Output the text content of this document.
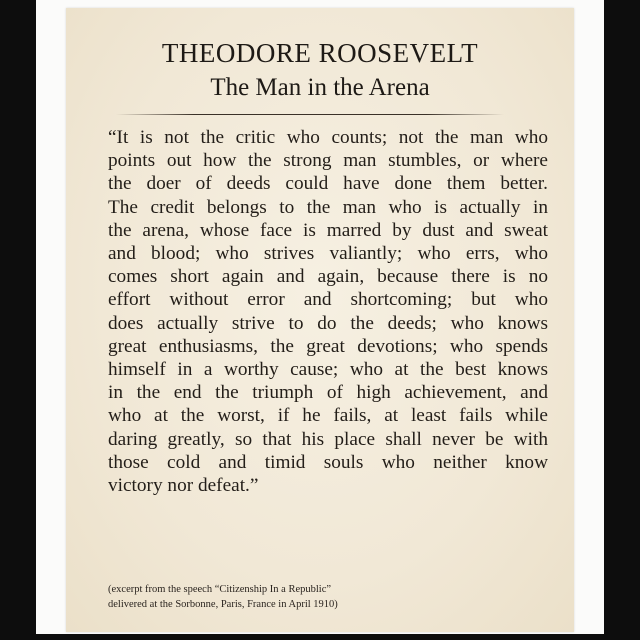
THEODORE ROOSEVELT
The Man in the Arena
“It is not the critic who counts; not the man who
points out how the strong man stumbles, or where
the doer of deeds could have done them better.
The credit belongs to the man who is actually in
the arena, whose face is marred by dust and sweat
and blood; who strives valiantly; who errs, who
comes short again and again, because there is no
effort without error and shortcoming; but who
does actually strive to do the deeds; who knows
great enthusiasms, the great devotions; who spends
himself in a worthy cause; who at the best knows
in the end the triumph of high achievement, and
who at the worst, if he fails, at least fails while
daring greatly, so that his place shall never be with
those cold and timid souls who neither know
victory nor defeat.”
(excerpt from the speech “Citizenship In a Republic”
delivered at the Sorbonne, Paris, France in April 1910)
